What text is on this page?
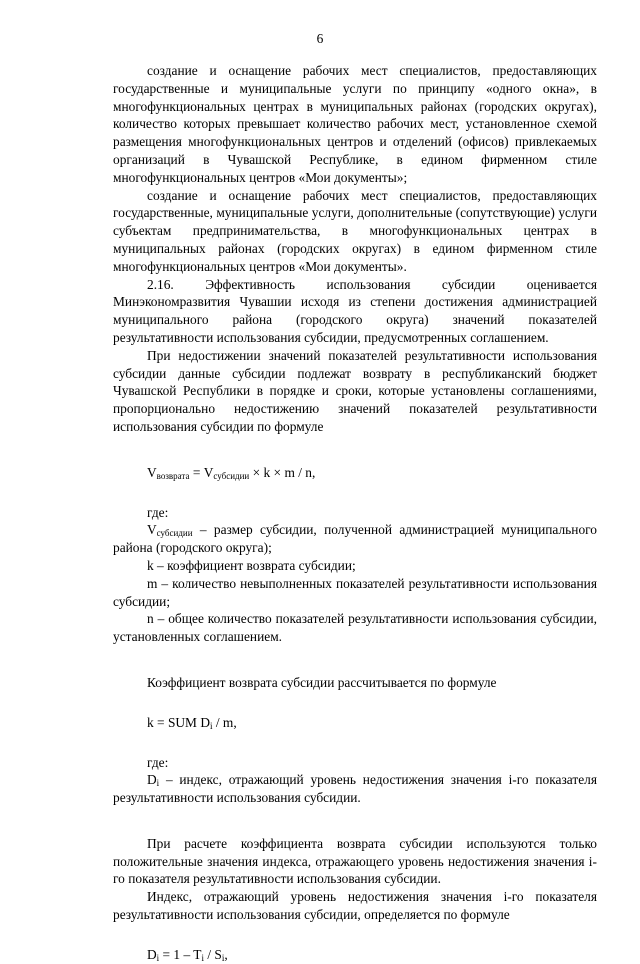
6

создание и оснащение рабочих мест специалистов, предоставляющих государственные и муниципальные услуги по принципу «одного окна», в многофункциональных центрах в муниципальных районах (городских округах), количество которых превышает количество рабочих мест, установленное схемой размещения многофункциональных центров и отделений (офисов) привлекаемых организаций в Чувашской Республике, в едином фирменном стиле многофункциональных центров «Мои документы»;

создание и оснащение рабочих мест специалистов, предоставляющих государственные, муниципальные услуги, дополнительные (сопутствующие) услуги субъектам предпринимательства, в многофункциональных центрах в муниципальных районах (городских округах) в едином фирменном стиле многофункциональных центров «Мои документы».

2.16. Эффективность использования субсидии оценивается Минэкономразвития Чувашии исходя из степени достижения администрацией муниципального района (городского округа) значений показателей результативности использования субсидии, предусмотренных соглашением.

При недостижении значений показателей результативности использования субсидии данные субсидии подлежат возврату в республиканский бюджет Чувашской Республики в порядке и сроки, которые установлены соглашениями, пропорционально недостижению значений показателей результативности использования субсидии по формуле

$V_{возврата} = V_{субсидии} \times k \times m / n$,

где:

$V_{субсидии}$ – размер субсидии, полученной администрацией муниципального района (городского округа);

k – коэффициент возврата субсидии;

m – количество невыполненных показателей результативности использования субсидии;

n – общее количество показателей результативности использования субсидии, установленных соглашением.

Коэффициент возврата субсидии рассчитывается по формуле

k = SUM $D_i$ / m,

где:

$D_i$ – индекс, отражающий уровень недостижения значения i-го показателя результативности использования субсидии.

При расчете коэффициента возврата субсидии используются только положительные значения индекса, отражающего уровень недостижения значения i-го показателя результативности использования субсидии.

Индекс, отражающий уровень недостижения значения i-го показателя результативности использования субсидии, определяется по формуле

$D_i = 1 - T_i / S_i$,
